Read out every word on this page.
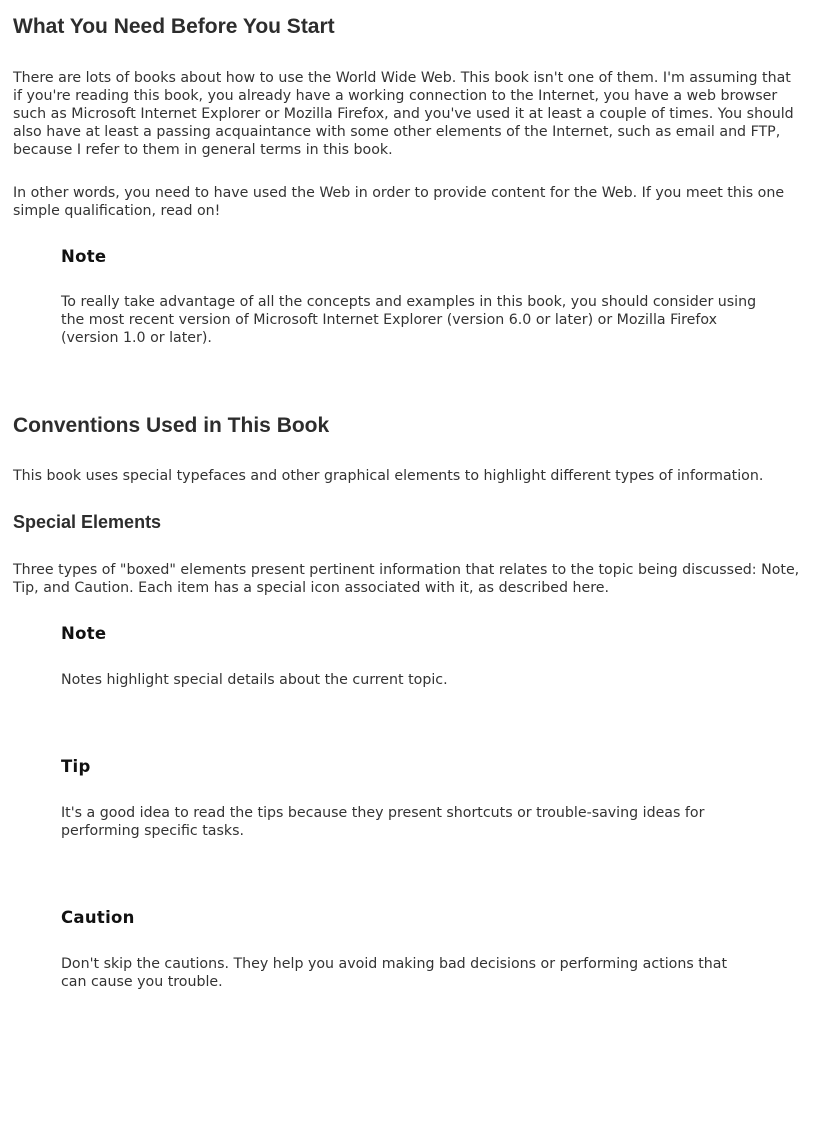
What You Need Before You Start

There are lots of books about how to use the World Wide Web. This book isn't one of them. I'm assuming that if you're reading this book, you already have a working connection to the Internet, you have a web browser such as Microsoft Internet Explorer or Mozilla Firefox, and you've used it at least a couple of times. You should also have at least a passing acquaintance with some other elements of the Internet, such as email and FTP, because I refer to them in general terms in this book.

In other words, you need to have used the Web in order to provide content for the Web. If you meet this one simple qualification, read on!

Note

To really take advantage of all the concepts and examples in this book, you should consider using the most recent version of Microsoft Internet Explorer (version 6.0 or later) or Mozilla Firefox (version 1.0 or later).

Conventions Used in This Book

This book uses special typefaces and other graphical elements to highlight different types of information.

Special Elements

Three types of "boxed" elements present pertinent information that relates to the topic being discussed: Note, Tip, and Caution. Each item has a special icon associated with it, as described here.

Note

Notes highlight special details about the current topic.

Tip

It's a good idea to read the tips because they present shortcuts or trouble-saving ideas for performing specific tasks.

Caution

Don't skip the cautions. They help you avoid making bad decisions or performing actions that can cause you trouble.
